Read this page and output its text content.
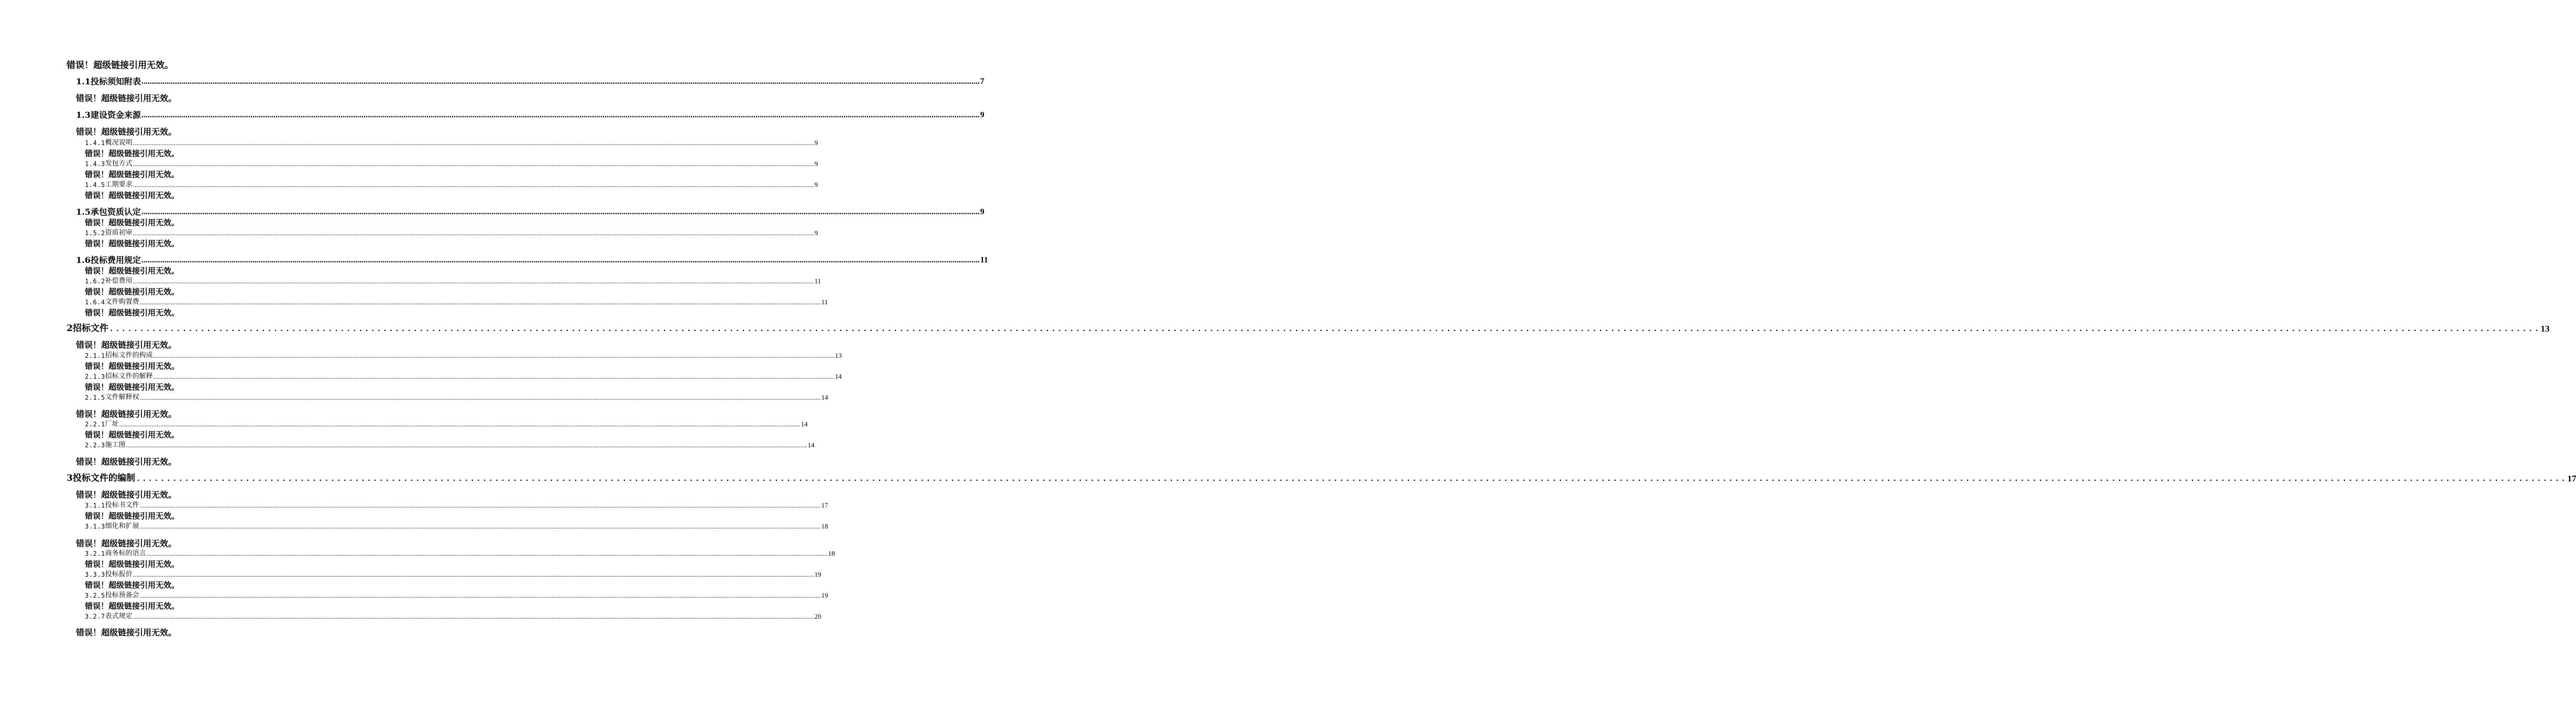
错误！超级链接引用无效。
1.1 投标须知附表 ................................................................................................................................................................................................................................................................................................................................................................................................................ 7
错误！超级链接引用无效。
1.3 建设资金来源 ................................................................................................................................................................................................................................................................................................................................................................................................................ 9
错误！超级链接引用无效。
1.4.1 概况说明 ................................................................................................................................................................................................................................................................................................................................................................................................................ 9
错误！超级链接引用无效。
1.4.3 发包方式 ................................................................................................................................................................................................................................................................................................................................................................................................................ 9
错误！超级链接引用无效。
1.4.5 工期要求 ................................................................................................................................................................................................................................................................................................................................................................................................................ 9
错误！超级链接引用无效。
1.5 承包资质认定 ................................................................................................................................................................................................................................................................................................................................................................................................................ 9
错误！超级链接引用无效。
1.5.2 资质初审 ................................................................................................................................................................................................................................................................................................................................................................................................................ 9
错误！超级链接引用无效。
1.6 投标费用规定 ................................................................................................................................................................................................................................................................................................................................................................................................................ 11
错误！超级链接引用无效。
1.6.2 补偿费用 ................................................................................................................................................................................................................................................................................................................................................................................................................ 11
错误！超级链接引用无效。
1.6.4 文件购置费 ................................................................................................................................................................................................................................................................................................................................................................................................................ 11
错误！超级链接引用无效。
2 招标文件 ................................................................................................................................................................................................................................................................................................................................................................................................................ 13
错误！超级链接引用无效。
2.1.1 招标文件的构成 ................................................................................................................................................................................................................................................................................................................................................................................................................ 13
错误！超级链接引用无效。
2.1.3 招标文件的解释 ................................................................................................................................................................................................................................................................................................................................................................................................................ 14
错误！超级链接引用无效。
2.1.5 文件解释权 ................................................................................................................................................................................................................................................................................................................................................................................................................ 14
错误！超级链接引用无效。
2.2.1 厂址 ................................................................................................................................................................................................................................................................................................................................................................................................................ 14
错误！超级链接引用无效。
2.2.3 施工图 ................................................................................................................................................................................................................................................................................................................................................................................................................ 14
错误！超级链接引用无效。
3 投标文件的编制 ................................................................................................................................................................................................................................................................................................................................................................................................................ 17
错误！超级链接引用无效。
3.1.1 投标书文件 ................................................................................................................................................................................................................................................................................................................................................................................................................ 17
错误！超级链接引用无效。
3.1.3 细化和扩展 ................................................................................................................................................................................................................................................................................................................................................................................................................ 18
错误！超级链接引用无效。
3.2.1 商务标的语言 ................................................................................................................................................................................................................................................................................................................................................................................................................ 18
错误！超级链接引用无效。
3.3.3 投标报价 ................................................................................................................................................................................................................................................................................................................................................................................................................ 19
错误！超级链接引用无效。
3.2.5 投标预备会 ................................................................................................................................................................................................................................................................................................................................................................................................................ 19
错误！超级链接引用无效。
3.2.7 表式规定 ................................................................................................................................................................................................................................................................................................................................................................................................................ 20
错误！超级链接引用无效。
